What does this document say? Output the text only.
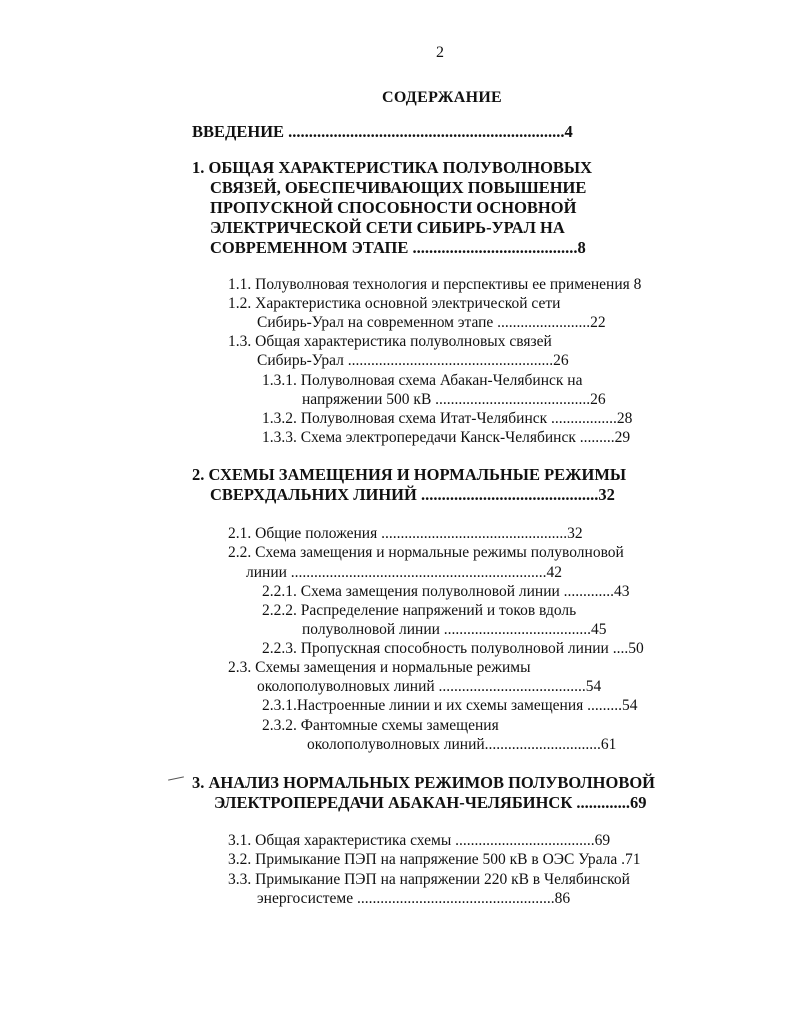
2
СОДЕРЖАНИЕ
ВВЕДЕНИЕ ...................................................................4
1. ОБЩАЯ ХАРАКТЕРИСТИКА ПОЛУВОЛНОВЫХ
СВЯЗЕЙ, ОБЕСПЕЧИВАЮЩИХ ПОВЫШЕНИЕ
ПРОПУСКНОЙ СПОСОБНОСТИ ОСНОВНОЙ
ЭЛЕКТРИЧЕСКОЙ СЕТИ СИБИРЬ-УРАЛ НА
СОВРЕМЕННОМ ЭТАПЕ ........................................8
1.1. Полуволновая технология и перспективы ее применения 8
1.2. Характеристика основной электрической сети
Сибирь-Урал на современном этапе ........................22
1.3. Общая характеристика полуволновых связей
Сибирь-Урал .....................................................26
1.3.1. Полуволновая схема Абакан-Челябинск на
напряжении 500 кВ ........................................26
1.3.2. Полуволновая схема Итат-Челябинск .................28
1.3.3. Схема электропередачи Канск-Челябинск .........29
2. СХЕМЫ ЗАМЕЩЕНИЯ И НОРМАЛЬНЫЕ РЕЖИМЫ
СВЕРХДАЛЬНИХ ЛИНИЙ ...........................................32
2.1. Общие положения ................................................32
2.2. Схема замещения и нормальные режимы полуволновой
линии ..................................................................42
2.2.1. Схема замещения полуволновой линии .............43
2.2.2. Распределение напряжений и токов вдоль
полуволновой линии ......................................45
2.2.3. Пропускная способность полуволновой линии ....50
2.3. Схемы замещения и нормальные режимы
околополуволновых линий ......................................54
2.3.1.Настроенные линии и их схемы замещения .........54
2.3.2. Фантомные схемы замещения
околополуволновых линий..............................61
3. АНАЛИЗ НОРМАЛЬНЫХ РЕЖИМОВ ПОЛУВОЛНОВОЙ
ЭЛЕКТРОПЕРЕДАЧИ АБАКАН-ЧЕЛЯБИНСК .............69
3.1. Общая характеристика схемы ....................................69
3.2. Примыкание ПЭП на напряжение 500 кВ в ОЭС Урала .71
3.3. Примыкание ПЭП на напряжении 220 кВ в Челябинской
энергосистеме ...................................................86
